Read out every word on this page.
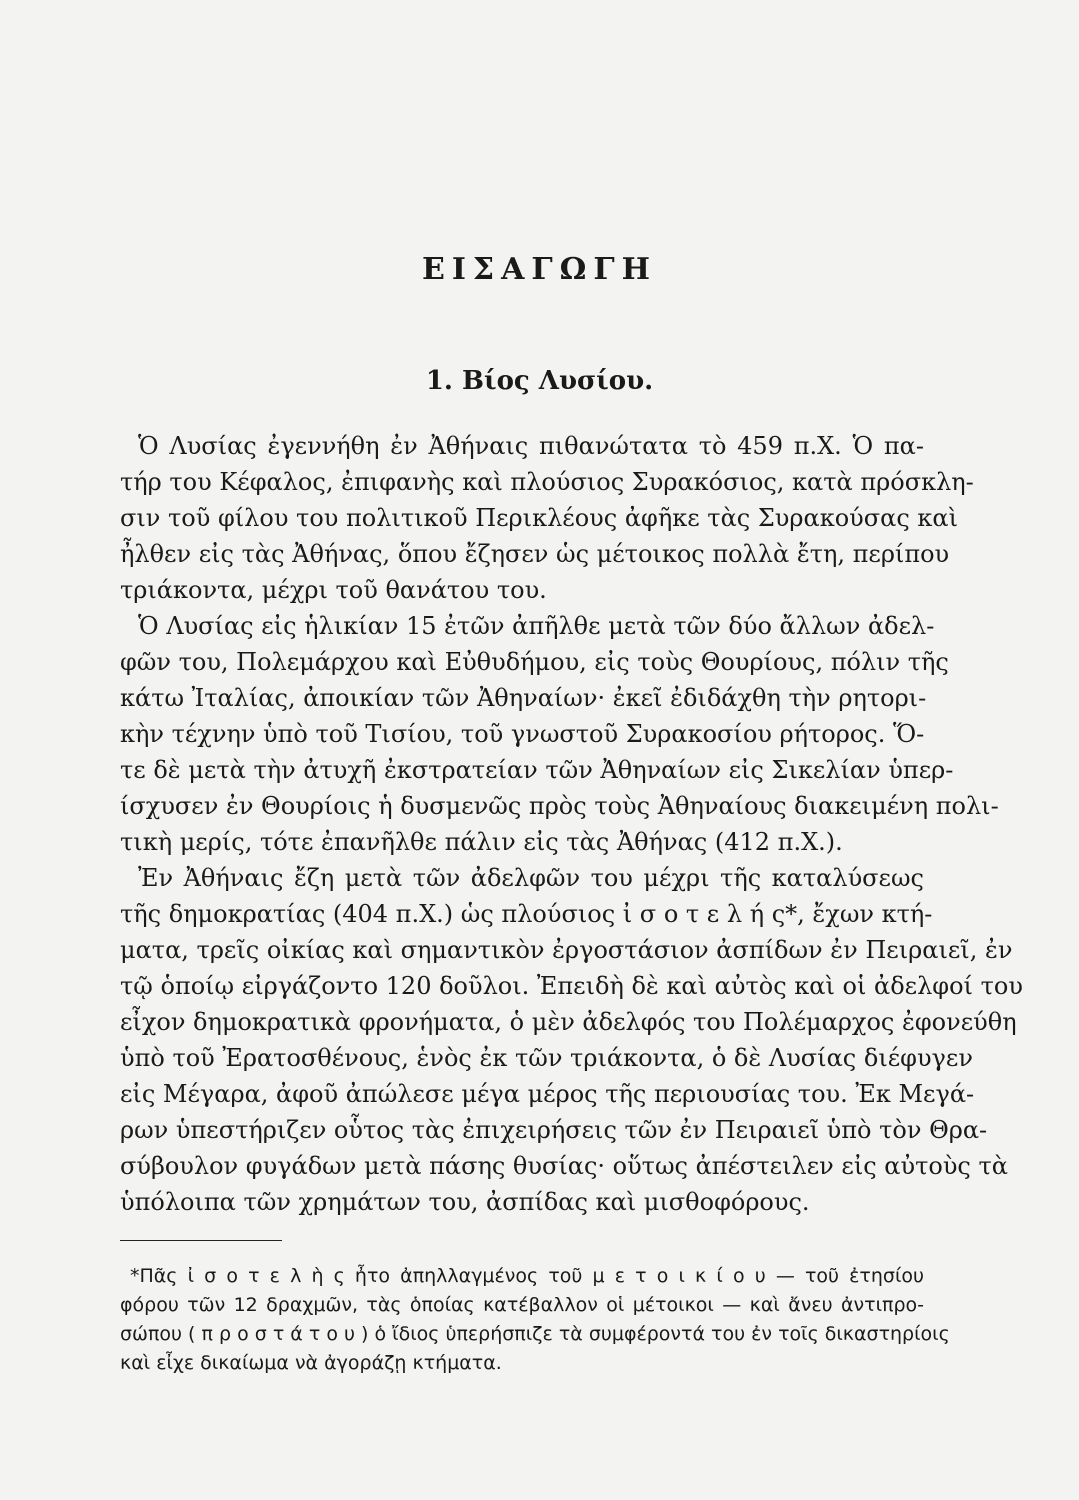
ΕΙΣΑΓΩΓΗ
1. Βίος Λυσίου.
Ὁ Λυσίας ἐγεννήθη ἐν Ἀθήναις πιθανώτατα τὸ 459 π.Χ. Ὁ πα-
τήρ του Κέφαλος, ἐπιφανὴς καὶ πλούσιος Συρακόσιος, κατὰ πρόσκλη-
σιν τοῦ φίλου του πολιτικοῦ Περικλέους ἀφῆκε τὰς Συρακούσας καὶ
ἦλθεν εἰς τὰς Ἀθήνας, ὅπου ἔζησεν ὡς μέτοικος πολλὰ ἔτη, περίπου
τριάκοντα, μέχρι τοῦ θανάτου του.
Ὁ Λυσίας εἰς ἡλικίαν 15 ἐτῶν ἀπῆλθε μετὰ τῶν δύο ἄλλων ἀδελ-
φῶν του, Πολεμάρχου καὶ Εὐθυδήμου, εἰς τοὺς Θουρίους, πόλιν τῆς
κάτω Ἰταλίας, ἀποικίαν τῶν Ἀθηναίων· ἐκεῖ ἐδιδάχθη τὴν ρητορι-
κὴν τέχνην ὑπὸ τοῦ Τισίου, τοῦ γνωστοῦ Συρακοσίου ρήτορος. Ὅ-
τε δὲ μετὰ τὴν ἀτυχῆ ἐκστρατείαν τῶν Ἀθηναίων εἰς Σικελίαν ὑπερ-
ίσχυσεν ἐν Θουρίοις ἡ δυσμενῶς πρὸς τοὺς Ἀθηναίους διακειμένη πολι-
τικὴ μερίς, τότε ἐπανῆλθε πάλιν εἰς τὰς Ἀθήνας (412 π.Χ.).
Ἐν Ἀθήναις ἔζη μετὰ τῶν ἀδελφῶν του μέχρι τῆς καταλύσεως
τῆς δημοκρατίας (404 π.Χ.) ὡς πλούσιος ἰ σ ο τ ε λ ή ς*, ἔχων κτή-
ματα, τρεῖς οἰκίας καὶ σημαντικὸν ἐργοστάσιον ἀσπίδων ἐν Πειραιεῖ, ἐν
τῷ ὁποίῳ εἰργάζοντο 120 δοῦλοι. Ἐπειδὴ δὲ καὶ αὐτὸς καὶ οἱ ἀδελφοί του
εἶχον δημοκρατικὰ φρονήματα, ὁ μὲν ἀδελφός του Πολέμαρχος ἐφονεύθη
ὑπὸ τοῦ Ἐρατοσθένους, ἑνὸς ἐκ τῶν τριάκοντα, ὁ δὲ Λυσίας διέφυγεν
εἰς Μέγαρα, ἀφοῦ ἀπώλεσε μέγα μέρος τῆς περιουσίας του. Ἐκ Μεγά-
ρων ὑπεστήριζεν οὗτος τὰς ἐπιχειρήσεις τῶν ἐν Πειραιεῖ ὑπὸ τὸν Θρα-
σύβουλον φυγάδων μετὰ πάσης θυσίας· οὕτως ἀπέστειλεν εἰς αὐτοὺς τὰ
ὑπόλοιπα τῶν χρημάτων του, ἀσπίδας καὶ μισθοφόρους.
*Πᾶς ἰ σ ο τ ε λ ὴ ς ἦτο ἀπηλλαγμένος τοῦ μ ε τ ο ι κ ί ο υ — τοῦ ἐτησίου
φόρου τῶν 12 δραχμῶν, τὰς ὁποίας κατέβαλλον οἱ μέτοικοι — καὶ ἄνευ ἀντιπρο-
σώπου ( π ρ ο σ τ ά τ ο υ ) ὁ ἴδιος ὑπερήσπιζε τὰ συμφέροντά του ἐν τοῖς δικαστηρίοις
καὶ εἶχε δικαίωμα νὰ ἀγοράζῃ κτήματα.
